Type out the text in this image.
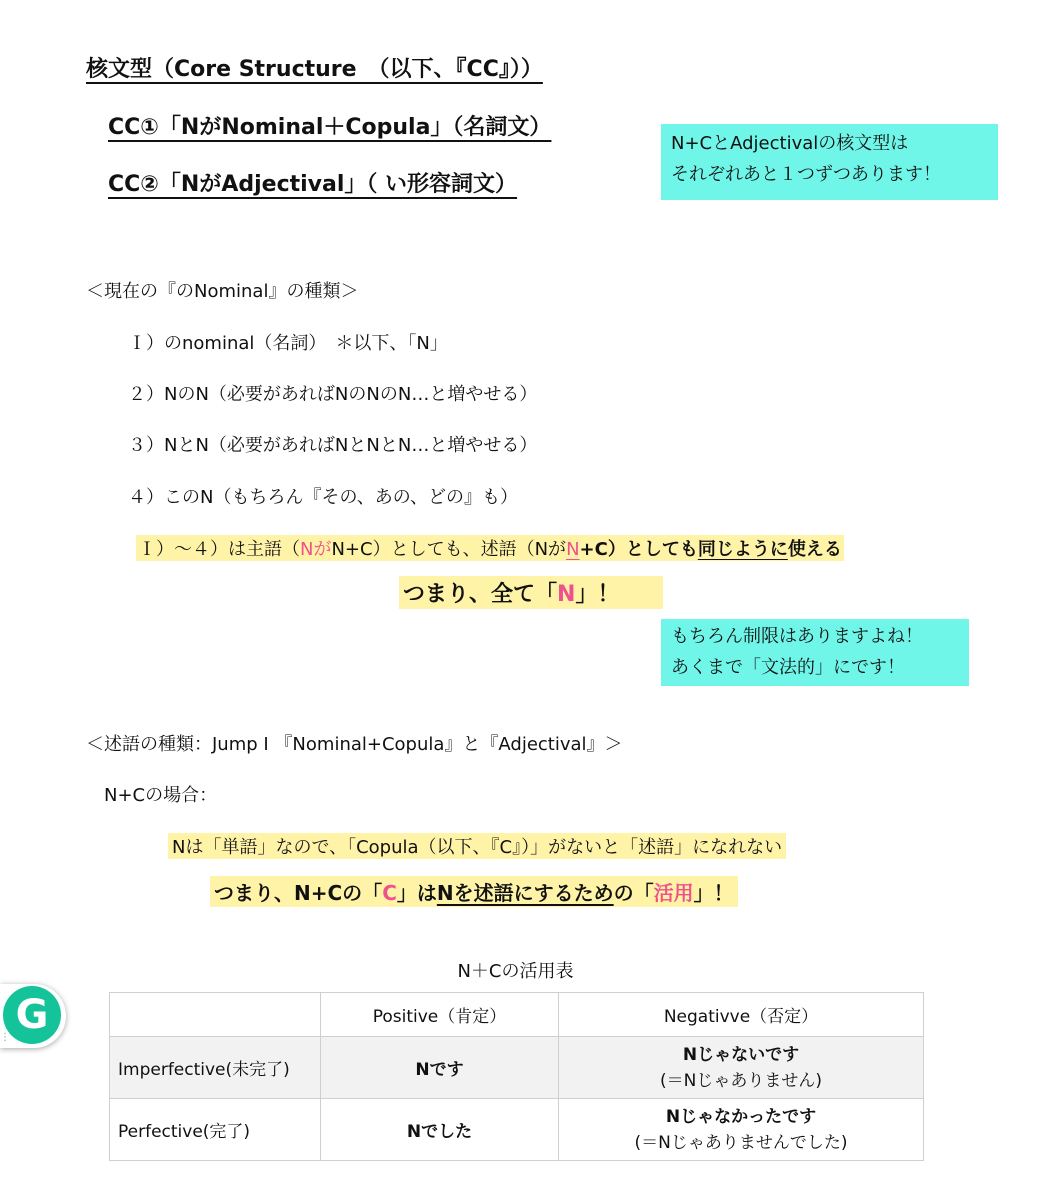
核文型（Core Structure　（以下、『CC』））
CC①「NがNominal＋Copula」（名詞文）
CC②「NがAdjectival」（ い形容詞文）
N+CとAdjectivalの核文型は
それぞれあと１つずつあります！
＜現在の『のNominal』の種類＞
Ｉ）のnominal（名詞）　＊以下、「N」
２）NのN（必要があればNのNのN…と増やせる）
３）NとN（必要があればNとNとN…と増やせる）
４）このN（もちろん『その、あの、どの』も）
Ｉ）〜４）は主語（NがN+C）としても、述語（NがN+C）としても同じように使える
つまり、全て「N」！
もちろん制限はありますよね！
あくまで「文法的」にです！
＜述語の種類：Jump I 『Nominal+Copula』と『Adjectival』＞
N+Cの場合：
Nは「単語」なので、「Copula（以下、『C』）」がないと「述語」になれない
つまり、N+Cの「C」はNを述語にするための「活用」！
N＋Cの活用表
	Positive（肯定）	Negativve（否定）
Imperfective(未完了)	Nです	Nじゃないです
(＝Nじゃありません)

Perfective(完了)	Nでした	Nじゃなかったです
(＝Nじゃありませんでした)
G
⋮
